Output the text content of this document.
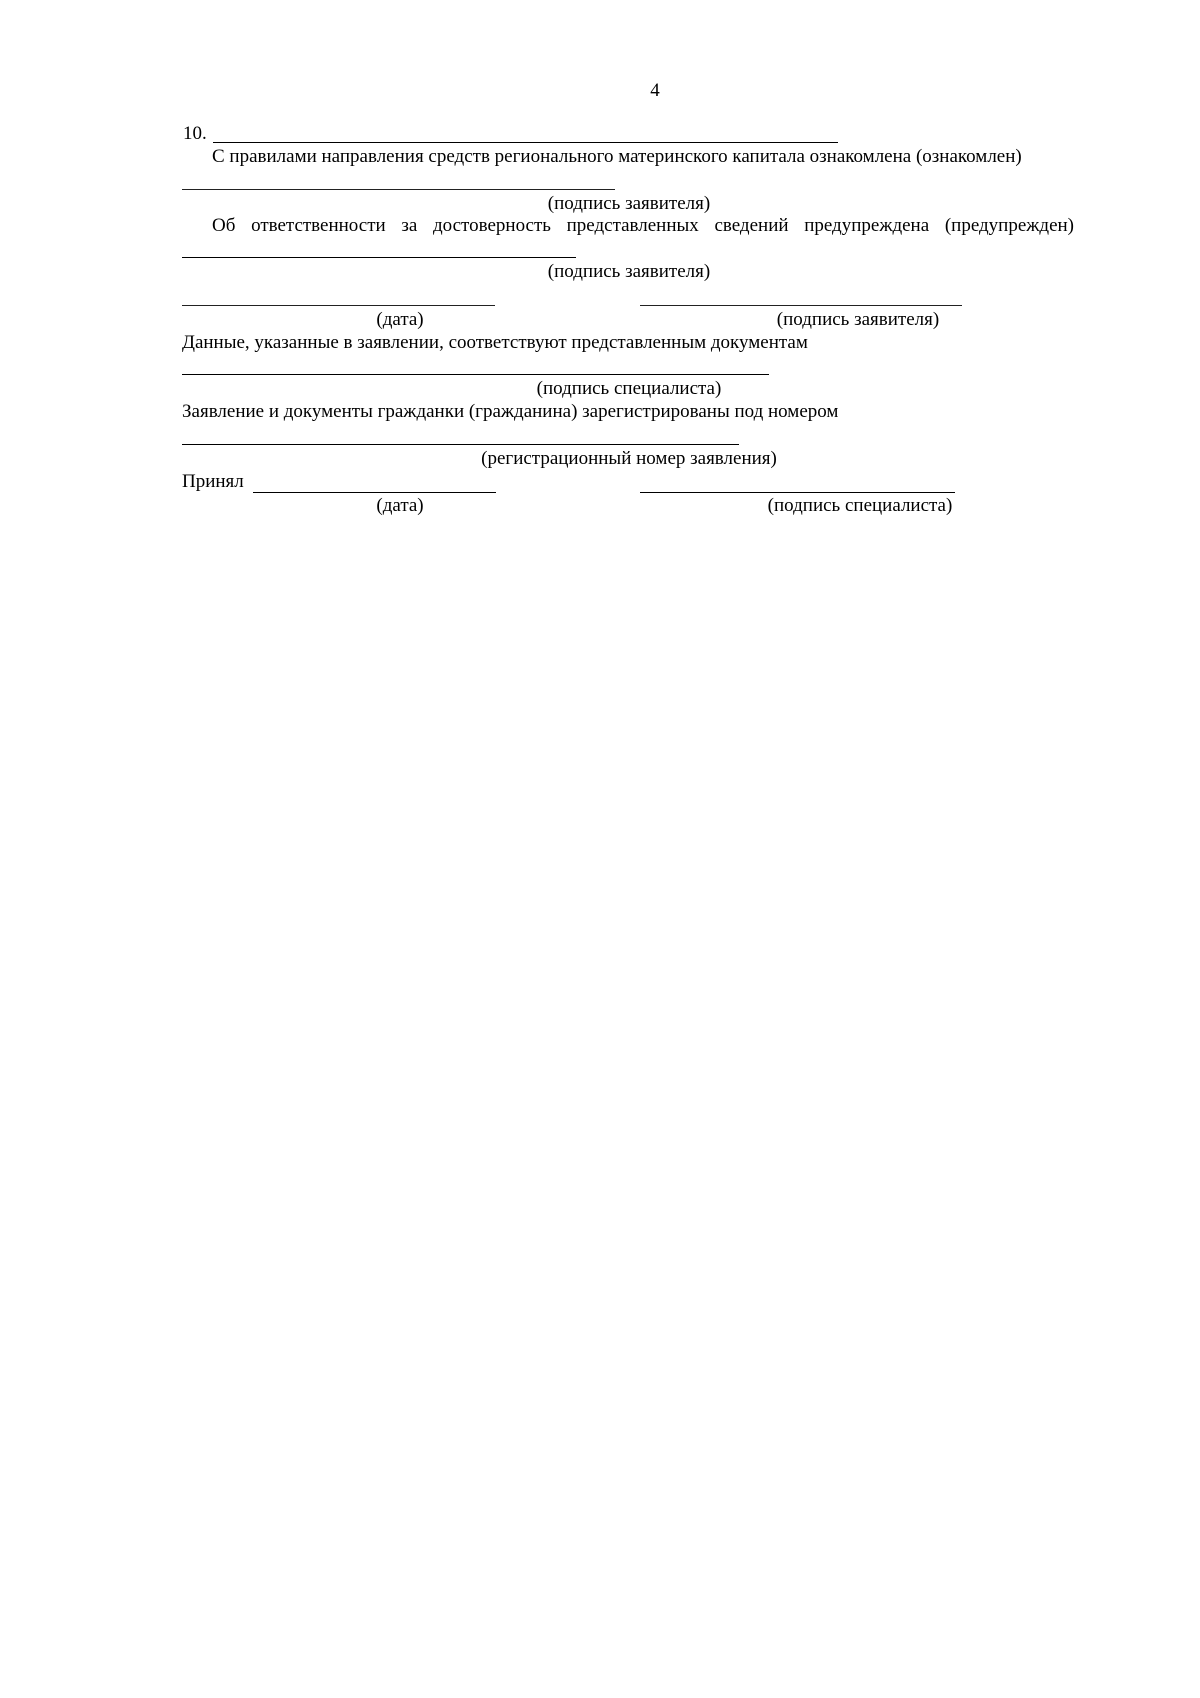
4
10.
С правилами направления средств регионального материнского капитала ознакомлена (ознакомлен)
(подпись заявителя)
Об ответственности за достоверность представленных сведений предупреждена (предупрежден)
(подпись заявителя)
(дата)	(подпись заявителя)
Данные, указанные в заявлении, соответствуют представленным документам
(подпись специалиста)
Заявление и документы гражданки (гражданина) зарегистрированы под номером
(регистрационный номер заявления)
Принял
(дата)	(подпись специалиста)
